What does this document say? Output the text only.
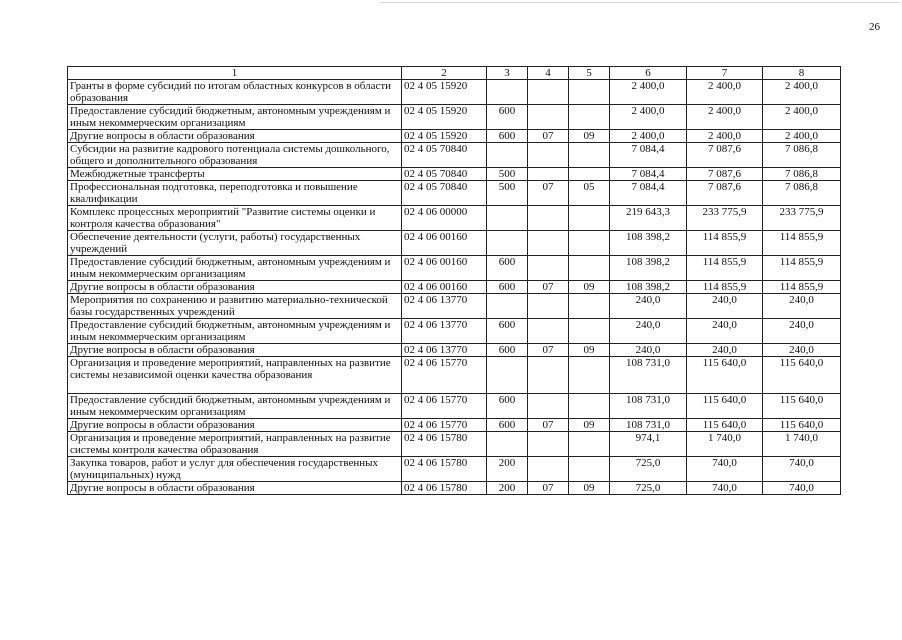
26
1	2	3	4	5	6	7	8
Гранты в форме субсидий по итогам областных конкурсов в области образования	02 4 05 15920				2 400,0	2 400,0	2 400,0
Предоставление субсидий бюджетным, автономным учреждениям и иным некоммерческим организациям	02 4 05 15920	600			2 400,0	2 400,0	2 400,0
Другие вопросы в области образования	02 4 05 15920	600	07	09	2 400,0	2 400,0	2 400,0
Субсидии на развитие кадрового потенциала системы дошкольного, общего и дополнительного образования	02 4 05 70840				7 084,4	7 087,6	7 086,8
Межбюджетные трансферты	02 4 05 70840	500			7 084,4	7 087,6	7 086,8
Профессиональная подготовка, переподготовка и повышение квалификации	02 4 05 70840	500	07	05	7 084,4	7 087,6	7 086,8
Комплекс процессных мероприятий "Развитие системы оценки и контроля качества образования"	02 4 06 00000				219 643,3	233 775,9	233 775,9
Обеспечение деятельности (услуги, работы) государственных учреждений	02 4 06 00160				108 398,2	114 855,9	114 855,9
Предоставление субсидий бюджетным, автономным учреждениям и иным некоммерческим организациям	02 4 06 00160	600			108 398,2	114 855,9	114 855,9
Другие вопросы в области образования	02 4 06 00160	600	07	09	108 398,2	114 855,9	114 855,9
Мероприятия по сохранению и развитию материально-технической базы государственных учреждений	02 4 06 13770				240,0	240,0	240,0
Предоставление субсидий бюджетным, автономным учреждениям и иным некоммерческим организациям	02 4 06 13770	600			240,0	240,0	240,0
Другие вопросы в области образования	02 4 06 13770	600	07	09	240,0	240,0	240,0
Организация и проведение мероприятий, направленных на развитие системы независимой оценки качества образования	02 4 06 15770				108 731,0	115 640,0	115 640,0
Предоставление субсидий бюджетным, автономным учреждениям и иным некоммерческим организациям	02 4 06 15770	600			108 731,0	115 640,0	115 640,0
Другие вопросы в области образования	02 4 06 15770	600	07	09	108 731,0	115 640,0	115 640,0
Организация и проведение мероприятий, направленных на развитие системы контроля качества образования	02 4 06 15780				974,1	1 740,0	1 740,0
Закупка товаров, работ и услуг для обеспечения государственных (муниципальных) нужд	02 4 06 15780	200			725,0	740,0	740,0
Другие вопросы в области образования	02 4 06 15780	200	07	09	725,0	740,0	740,0
